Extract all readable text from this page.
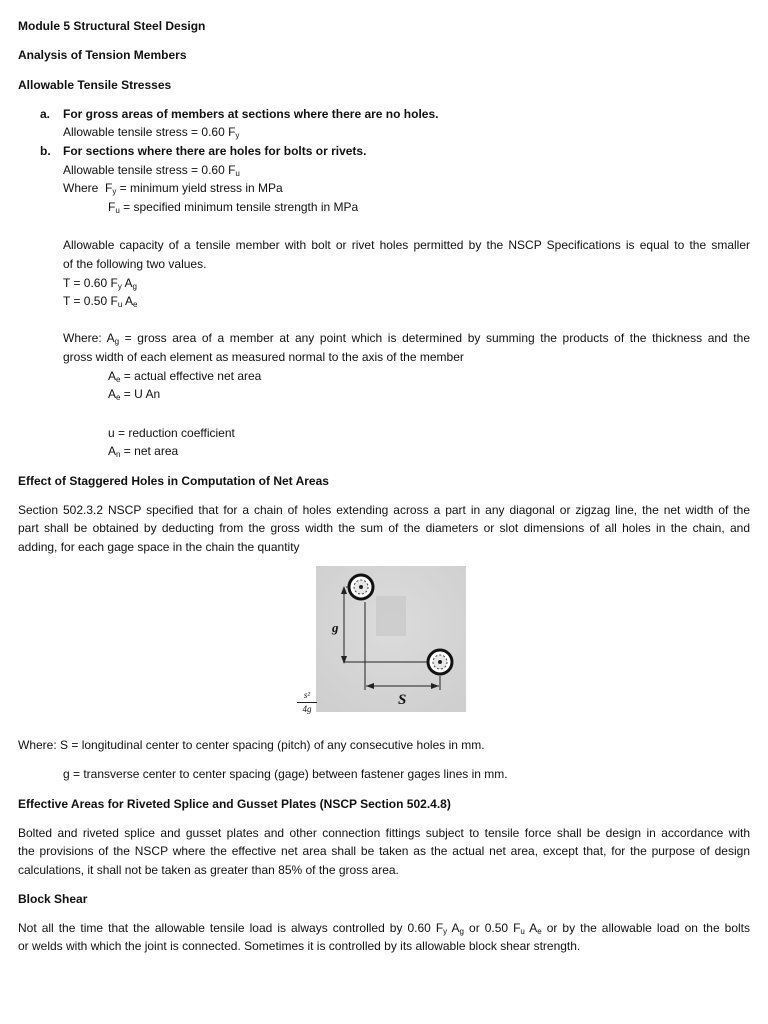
Module 5 Structural Steel Design
Analysis of Tension Members
Allowable Tensile Stresses
a. For gross areas of members at sections where there are no holes.
Allowable tensile stress = 0.60 $F_y$
b. For sections where there are holes for bolts or rivets.
Allowable tensile stress = 0.60 $F_u$
Where  $F_y$ = minimum yield stress in MPa
$F_u$ = specified minimum tensile strength in MPa
Allowable capacity of a tensile member with bolt or rivet holes permitted by the NSCP Specifications is equal to the smaller
of the following two values.
T = 0.60 $F_y$ $A_g$
T = 0.50 $F_u$ $A_e$
Where: $A_g$ = gross area of a member at any point which is determined by summing the products of the thickness and the
gross width of each element as measured normal to the axis of the member
$A_e$ = actual effective net area
$A_e = U$ An
u = reduction coefficient
$A_n$ = net area
Effect of Staggered Holes in Computation of Net Areas
Section 502.3.2 NSCP specified that for a chain of holes extending across a part in any diagonal or zigzag line, the net width of the
part shall be obtained by deducting from the gross width the sum of the diameters or slot dimensions of all holes in the chain, and
adding, for each gage space in the chain the quantity
g
S
s²
4g
Where: S = longitudinal center to center spacing (pitch) of any consecutive holes in mm.
g = transverse center to center spacing (gage) between fastener gages lines in mm.
Effective Areas for Riveted Splice and Gusset Plates (NSCP Section 502.4.8)
Bolted and riveted splice and gusset plates and other connection fittings subject to tensile force shall be design in accordance with
the provisions of the NSCP where the effective net area shall be taken as the actual net area, except that, for the purpose of design
calculations, it shall not be taken as greater than 85% of the gross area.
Block Shear
Not all the time that the allowable tensile load is always controlled by 0.60 $F_y$ $A_g$ or 0.50 $F_u$ $A_e$ or by the allowable load on the bolts
or welds with which the joint is connected. Sometimes it is controlled by its allowable block shear strength.
